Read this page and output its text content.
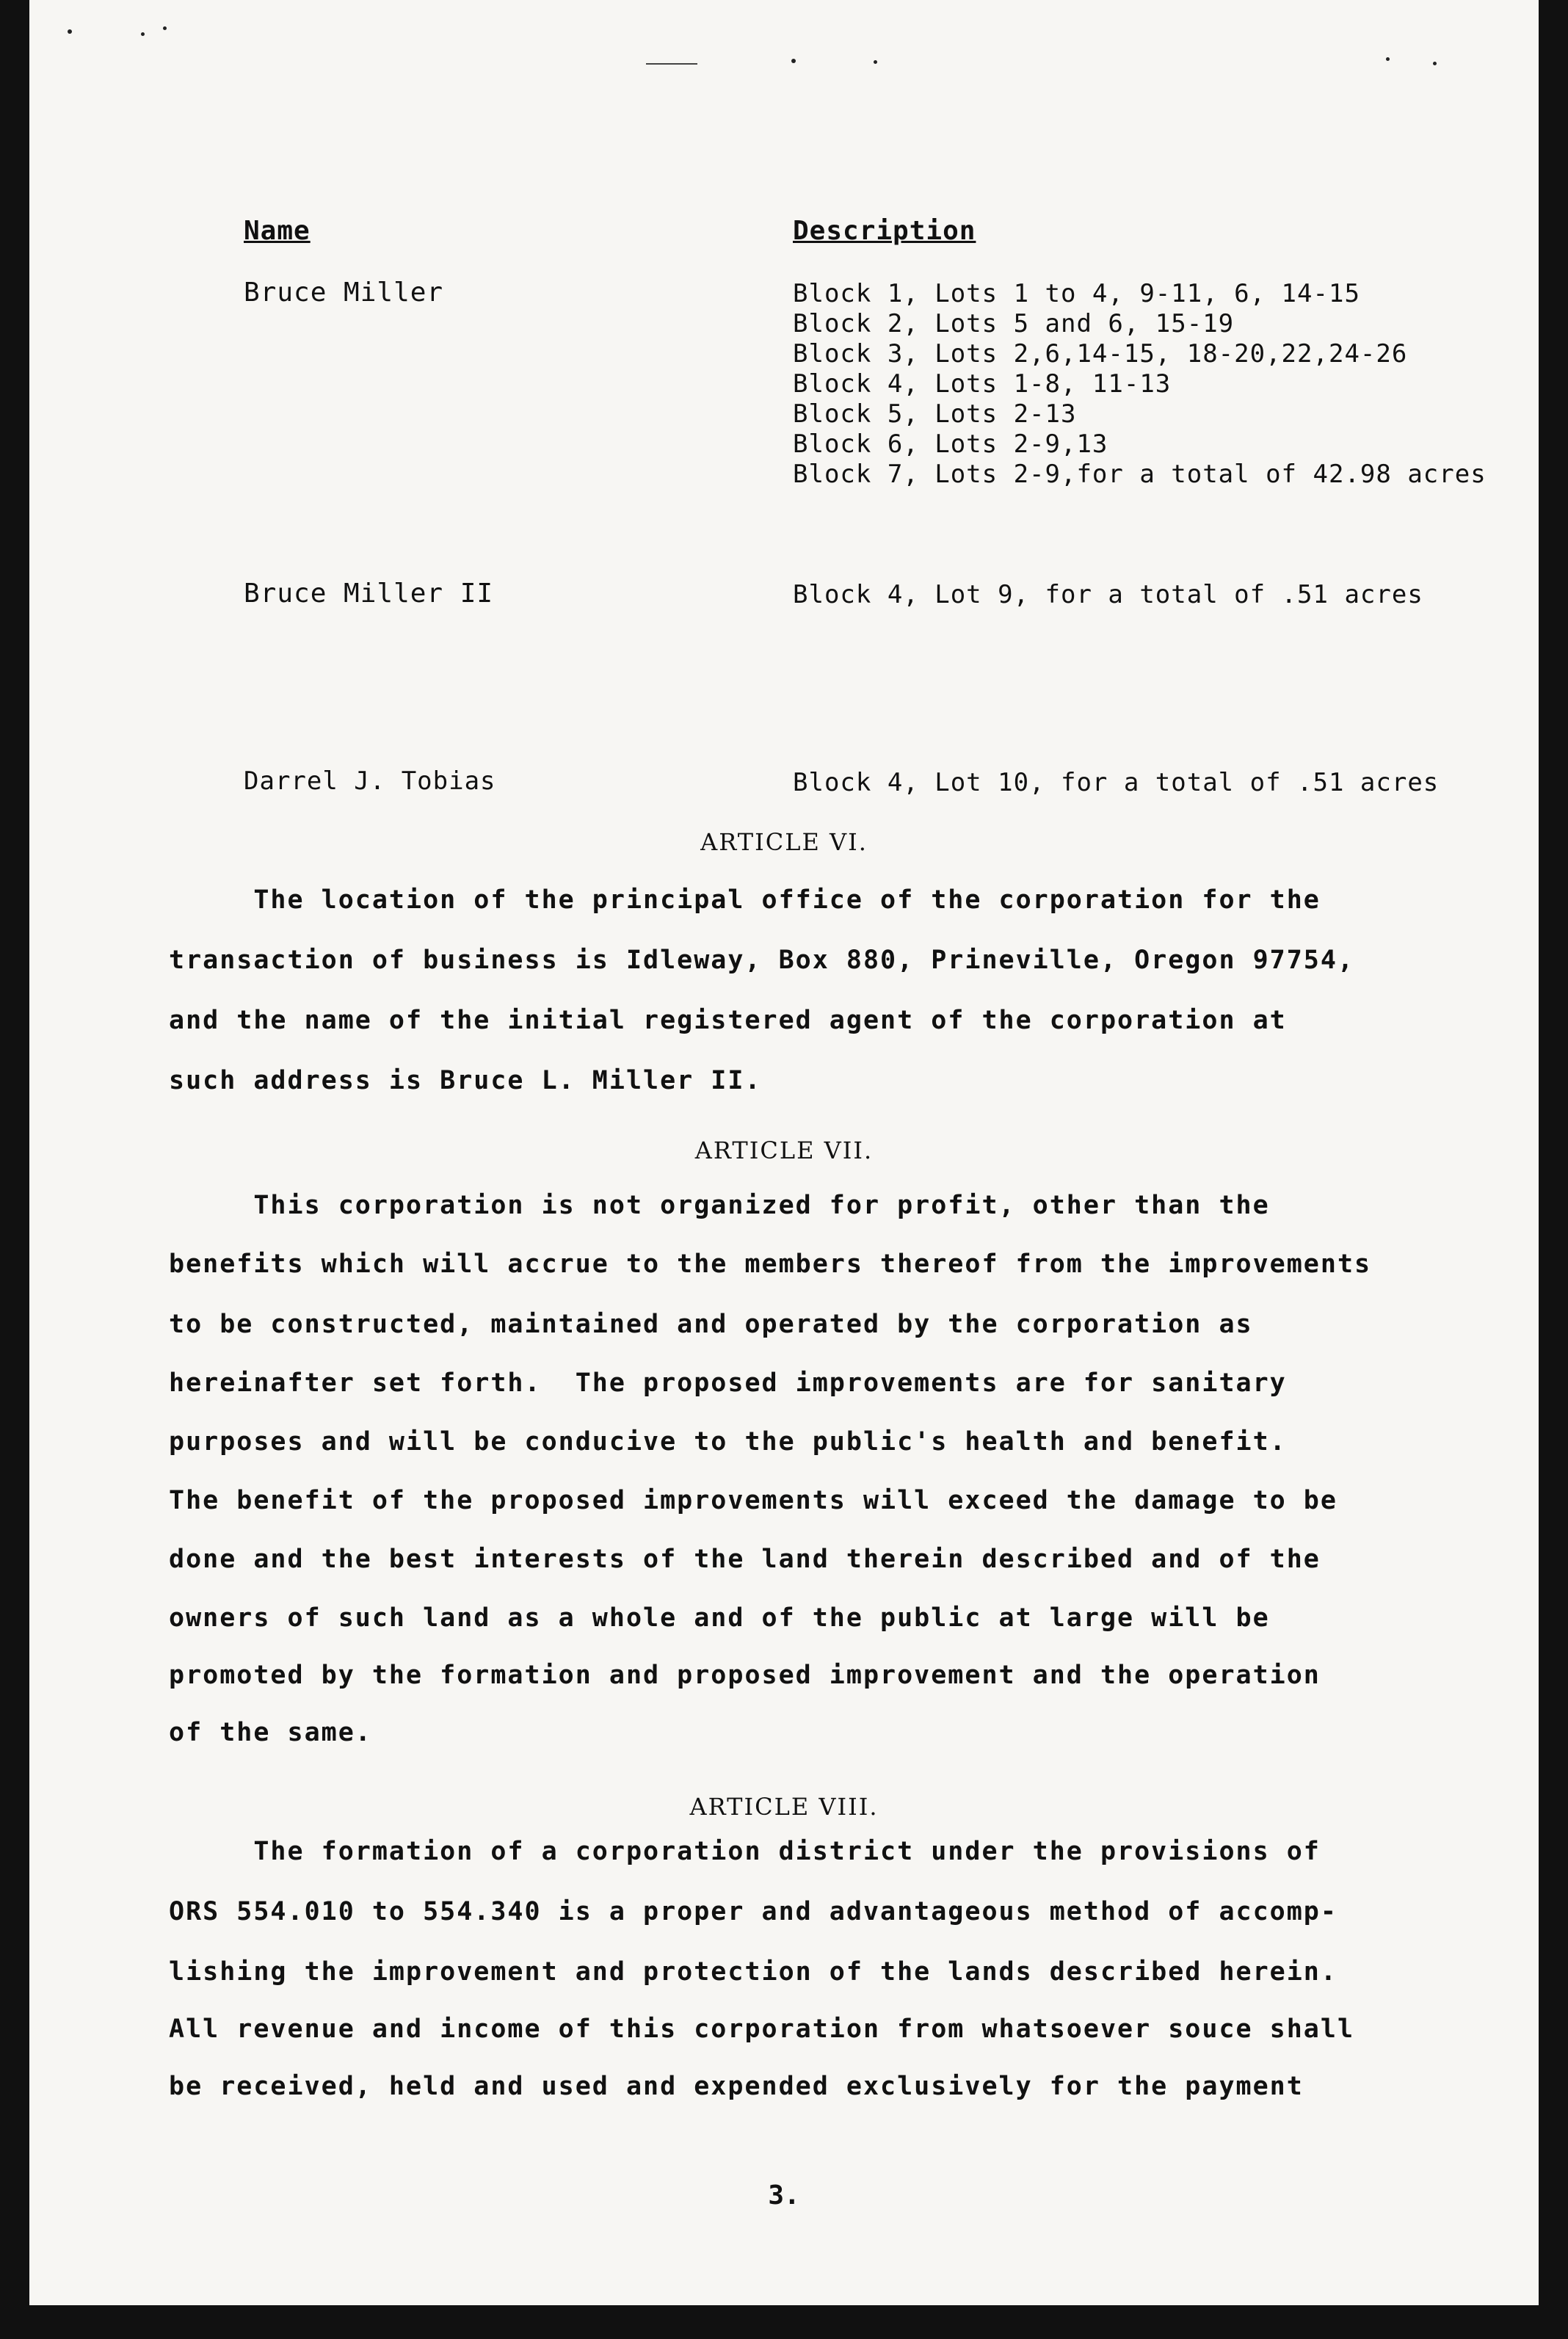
Name	Description
Bruce Miller	Block 1, Lots 1 to 4, 9-11, 6, 14-15
Block 2, Lots 5 and 6, 15-19
Block 3, Lots 2,6,14-15, 18-20,22,24-26
Block 4, Lots 1-8, 11-13
Block 5, Lots 2-13
Block 6, Lots 2-9,13
Block 7, Lots 2-9,for a total of 42.98 acres
Bruce Miller II	Block 4, Lot 9, for a total of .51 acres
Darrel J. Tobias	Block 4, Lot 10, for a total of .51 acres
ARTICLE VI.
The location of the principal office of the corporation for the
transaction of business is Idleway, Box 880, Prineville, Oregon 97754,
and the name of the initial registered agent of the corporation at
such address is Bruce L. Miller II.
ARTICLE VII.
This corporation is not organized for profit, other than the
benefits which will accrue to the members thereof from the improvements
to be constructed, maintained and operated by the corporation as
hereinafter set forth.  The proposed improvements are for sanitary
purposes and will be conducive to the public's health and benefit.
The benefit of the proposed improvements will exceed the damage to be
done and the best interests of the land therein described and of the
owners of such land as a whole and of the public at large will be
promoted by the formation and proposed improvement and the operation
of the same.
ARTICLE VIII.
The formation of a corporation district under the provisions of
ORS 554.010 to 554.340 is a proper and advantageous method of accomp-
lishing the improvement and protection of the lands described herein.
All revenue and income of this corporation from whatsoever souce shall
be received, held and used and expended exclusively for the payment
3.
